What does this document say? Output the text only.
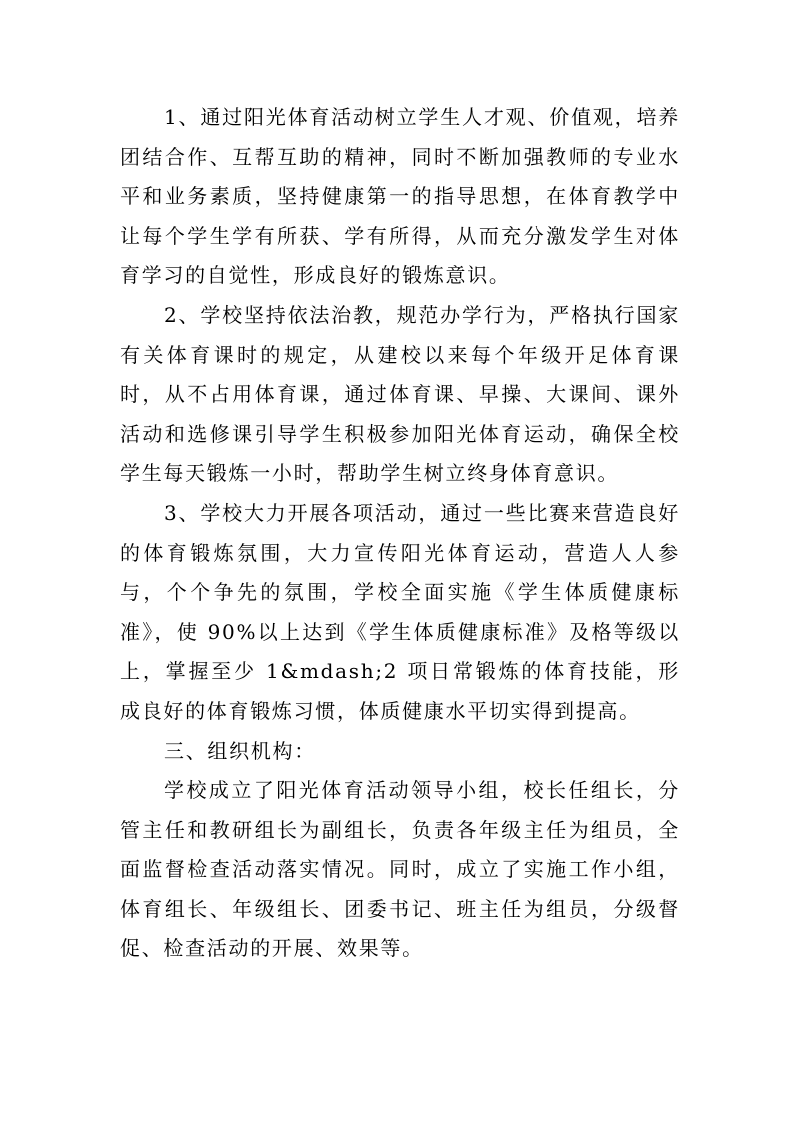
1、通过阳光体育活动树立学生人才观、价值观，培养团结合作、互帮互助的精神，同时不断加强教师的专业水平和业务素质，坚持健康第一的指导思想，在体育教学中让每个学生学有所获、学有所得，从而充分激发学生对体育学习的自觉性，形成良好的锻炼意识。

2、学校坚持依法治教，规范办学行为，严格执行国家有关体育课时的规定，从建校以来每个年级开足体育课时，从不占用体育课，通过体育课、早操、大课间、课外活动和选修课引导学生积极参加阳光体育运动，确保全校学生每天锻炼一小时，帮助学生树立终身体育意识。

3、学校大力开展各项活动，通过一些比赛来营造良好的体育锻炼氛围，大力宣传阳光体育运动，营造人人参与，个个争先的氛围，学校全面实施《学生体质健康标准》，使 90%以上达到《学生体质健康标准》及格等级以上，掌握至少 1&mdash;2 项日常锻炼的体育技能，形成良好的体育锻炼习惯，体质健康水平切实得到提高。

三、组织机构：

学校成立了阳光体育活动领导小组，校长任组长，分管主任和教研组长为副组长，负责各年级主任为组员，全面监督检查活动落实情况。同时，成立了实施工作小组，体育组长、年级组长、团委书记、班主任为组员，分级督促、检查活动的开展、效果等。
